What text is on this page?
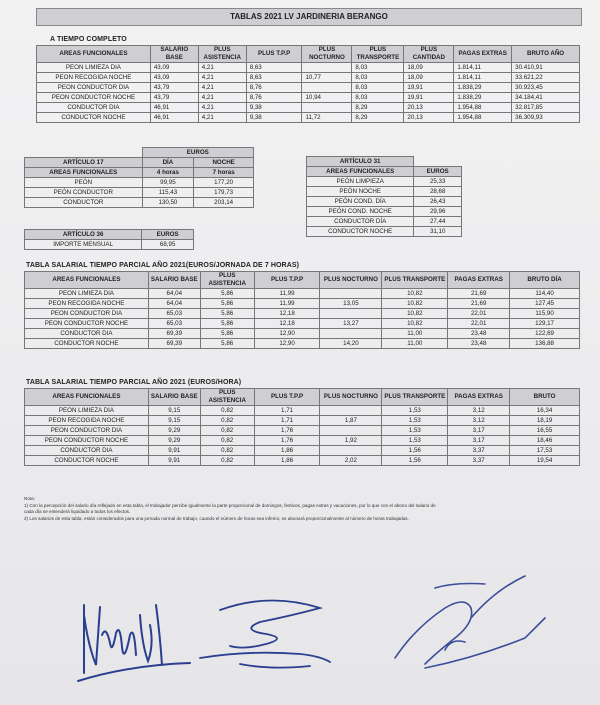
TABLAS 2021 LV JARDINERIA BERANGO
A TIEMPO COMPLETO
AREAS FUNCIONALES	SALARIO BASE	PLUS ASISTENCIA	PLUS T.P.P	PLUS NOCTURNO	PLUS TRANSPORTE	PLUS CANTIDAD	PAGAS EXTRAS	BRUTO AÑO
PEON LIMIEZA DIA	43,09	4,21	8,63		8,03	18,09	1.814,11	30.410,91
PEON RECOGIDA NOCHE	43,09	4,21	8,63	10,77	8,03	18,09	1.814,11	33.621,22
PEON CONDUCTOR DIA	43,79	4,21	8,76		8,03	19,91	1.838,29	30.923,45
PEON CONDUCTOR NOCHE	43,79	4,21	8,76	10,94	8,03	19,91	1.838,29	34.184,41
CONDUCTOR DIA	46,91	4,21	9,38		8,29	20,13	1.954,88	32.817,85
CONDUCTOR NOCHE	46,91	4,21	9,38	11,72	8,29	20,13	1.954,88	36.309,93
	EUROS	
ARTÍCULO 17	DÍA	NOCHE
AREAS FUNCIONALES	4 horas	7 horas
PEÓN	99,95	177,20
PEÓN CONDUCTOR	115,43	179,73
CONDUCTOR	130,50	203,14
ARTÍCULO 36	EUROS
IMPORTE MENSUAL	68,95
ARTÍCULO 31	
AREAS FUNCIONALES	EUROS
PEÓN LIMPIEZA	25,33
PEÓN NOCHE	28,68
PEÓN COND. DÍA	26,43
PEÓN COND. NOCHE	29,96
CONDUCTOR DÍA	27,44
CONDUCTOR NOCHE	31,10
TABLA SALARIAL TIEMPO PARCIAL AÑO 2021(EUROS/JORNADA DE 7 HORAS)
AREAS FUNCIONALES	SALARIO BASE	PLUS ASISTENCIA	PLUS T.P.P	PLUS NOCTURNO	PLUS TRANSPORTE	PAGAS EXTRAS	BRUTO DÍA
PEON LIMIEZA DIA	64,04	5,86	11,99		10,82	21,69	114,40
PEON RECOGIDA NOCHE	64,04	5,86	11,99	13,05	10,82	21,69	127,45
PEON CONDUCTOR DIA	65,03	5,86	12,18		10,82	22,01	115,90
PEON CONDUCTOR NOCHE	65,03	5,86	12,18	13,27	10,82	22,01	129,17
CONDUCTOR DIA	69,39	5,86	12,90		11,00	23,48	122,69
CONDUCTOR NOCHE	69,39	5,86	12,90	14,20	11,00	23,48	136,88
TABLA SALARIAL TIEMPO PARCIAL AÑO 2021 (EUROS/HORA)
AREAS FUNCIONALES	SALARIO BASE	PLUS ASISTENCIA	PLUS T.P.P	PLUS NOCTURNO	PLUS TRANSPORTE	PAGAS EXTRAS	BRUTO
PEON LIMIEZA DIA	9,15	0,82	1,71		1,53	3,12	16,34
PEON RECOGIDA NOCHE	9,15	0,82	1,71	1,87	1,53	3,12	18,19
PEON CONDUCTOR DIA	9,29	0,82	1,76		1,53	3,17	16,55
PEON CONDUCTOR NOCHE	9,29	0,82	1,76	1,92	1,53	3,17	18,46
CONDUCTOR DIA	9,91	0,82	1,86		1,56	3,37	17,53
CONDUCTOR NOCHE	9,91	0,82	1,86	2,02	1,56	3,37	19,54
Nota:
1) Con la percepción del salario día reflejado en esta tabla, el trabajador percibe igualmente la parte proporcional de domingos, festivos, pagas extras y vacaciones, por lo que con el abono del salario de
cada día se entenderá liquidado a todos los efectos.
2) Los salarios de esta tabla, están considerados para una jornada normal de trabajo, cuando el número de horas sea inferior, se abonará proporcionalmente al número de horas trabajadas.
